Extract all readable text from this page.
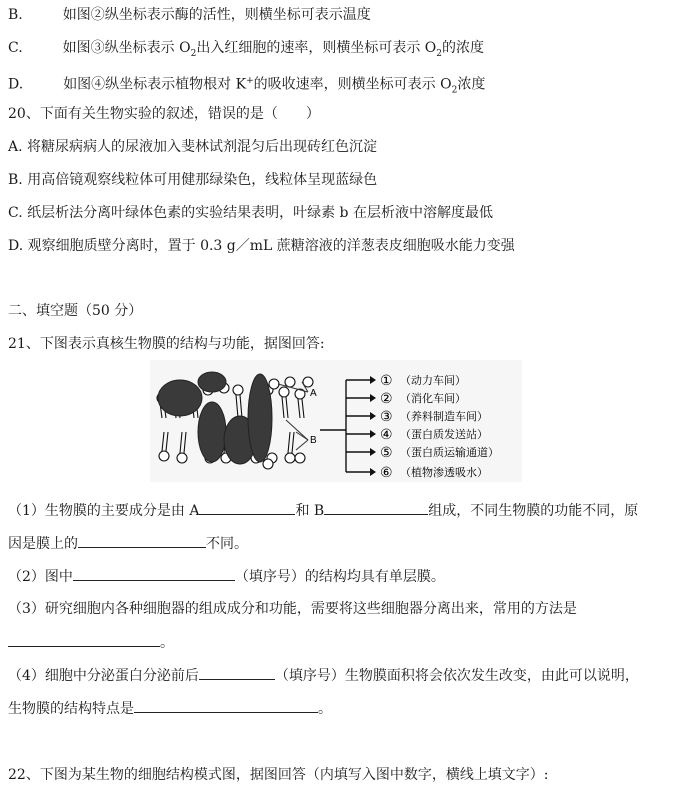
B.	如图②纵坐标表示酶的活性，则横坐标可表示温度
C.	如图③纵坐标表示 $O_2$出入红细胞的速率，则横坐标可表示 $O_2$的浓度
D.	如图④纵坐标表示植物根对 K+的吸收速率，则横坐标可表示 $O_2$浓度
20、下面有关生物实验的叙述，错误的是（　　）
A. 将糖尿病病人的尿液加入斐林试剂混匀后出现砖红色沉淀
B. 用高倍镜观察线粒体可用健那绿染色，线粒体呈现蓝绿色
C. 纸层析法分离叶绿体色素的实验结果表明，叶绿素 b 在层析液中溶解度最低
D. 观察细胞质壁分离时，置于 0.3 g／mL 蔗糖溶液的洋葱表皮细胞吸水能力变强
二、填空题（50 分）
21、下图表示真核生物膜的结构与功能，据图回答:
A
B
① （动力车间）
② （消化车间）
③ （养料制造车间）
④ （蛋白质发送站）
⑤ （蛋白质运输通道）
⑥ （植物渗透吸水）
（1）生物膜的主要成分是由 A	和 B	组成，不同生物膜的功能不同，原
因是膜上的	不同。
（2）图中	（填序号）的结构均具有单层膜。
（3）研究细胞内各种细胞器的组成成分和功能，需要将这些细胞器分离出来，常用的方法是
。
（4）细胞中分泌蛋白分泌前后	（填序号）生物膜面积将会依次发生改变，由此可以说明，
生物膜的结构特点是	。
22、下图为某生物的细胞结构模式图，据图回答（内填写入图中数字，横线上填文字）:
